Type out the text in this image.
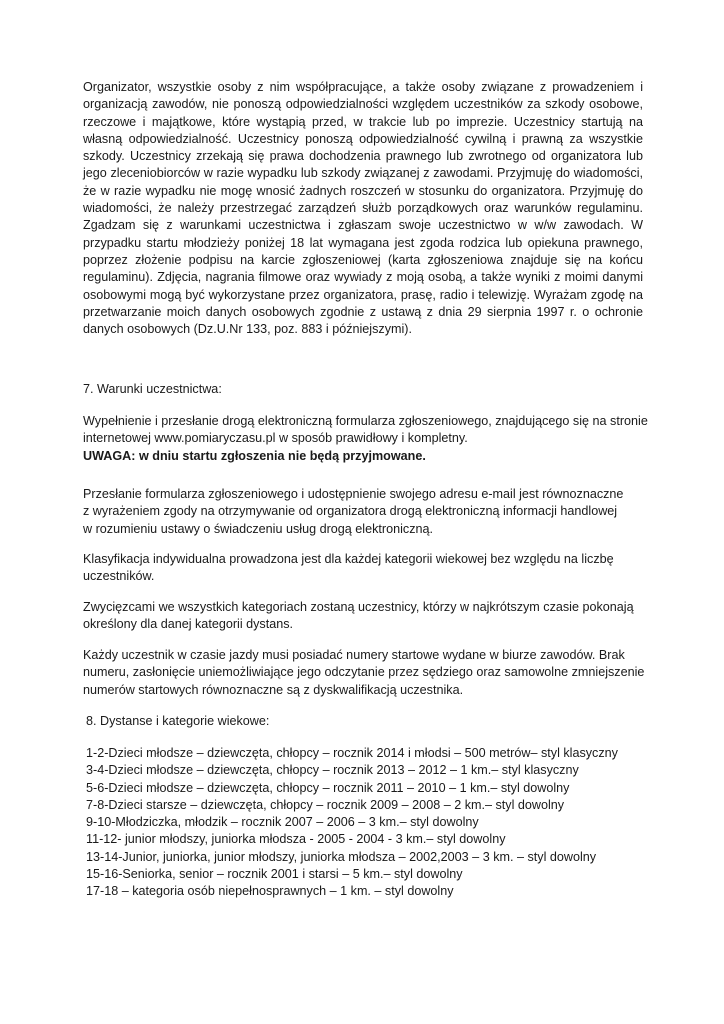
Organizator, wszystkie osoby z nim współpracujące, a także osoby związane z prowadzeniem i organizacją zawodów, nie ponoszą odpowiedzialności względem uczestników za szkody osobowe, rzeczowe i majątkowe, które wystąpią przed, w trakcie lub po imprezie. Uczestnicy startują na własną odpowiedzialność. Uczestnicy ponoszą odpowiedzialność cywilną i prawną za wszystkie szkody. Uczestnicy zrzekają się prawa dochodzenia prawnego lub zwrotnego od organizatora lub jego zleceniobiorców w razie wypadku lub szkody związanej z zawodami. Przyjmuję do wiadomości, że w razie wypadku nie mogę wnosić żadnych roszczeń w stosunku do organizatora. Przyjmuję do wiadomości, że należy przestrzegać zarządzeń służb porządkowych oraz warunków regulaminu. Zgadzam się z warunkami uczestnictwa i zgłaszam swoje uczestnictwo w w/w zawodach. W przypadku startu młodzieży poniżej 18 lat wymagana jest zgoda rodzica lub opiekuna prawnego, poprzez złożenie podpisu na karcie zgłoszeniowej (karta zgłoszeniowa znajduje się na końcu regulaminu). Zdjęcia, nagrania filmowe oraz wywiady z moją osobą, a także wyniki z moimi danymi osobowymi mogą być wykorzystane przez organizatora, prasę, radio i telewizję. Wyrażam zgodę na przetwarzanie moich danych osobowych zgodnie z ustawą z dnia 29 sierpnia 1997 r. o ochronie danych osobowych (Dz.U.Nr 133, poz. 883 i późniejszymi).

7. Warunki uczestnictwa:
Wypełnienie i przesłanie drogą elektroniczną formularza zgłoszeniowego, znajdującego się na stronie
internetowej www.pomiaryczasu.pl w sposób prawidłowy i kompletny.
UWAGA: w dniu startu zgłoszenia nie będą przyjmowane.
Przesłanie formularza zgłoszeniowego i udostępnienie swojego adresu e-mail jest równoznaczne
z wyrażeniem zgody na otrzymywanie od organizatora drogą elektroniczną informacji handlowej
w rozumieniu ustawy o świadczeniu usług drogą elektroniczną.
Klasyfikacja indywidualna prowadzona jest dla każdej kategorii wiekowej bez względu na liczbę
uczestników.
Zwycięzcami we wszystkich kategoriach zostaną uczestnicy, którzy w najkrótszym czasie pokonają
określony dla danej kategorii dystans.
Każdy uczestnik w czasie jazdy musi posiadać numery startowe wydane w biurze zawodów. Brak
numeru, zasłonięcie uniemożliwiające jego odczytanie przez sędziego oraz samowolne zmniejszenie
numerów startowych równoznaczne są z dyskwalifikacją uczestnika.
8. Dystanse i kategorie wiekowe:
1-2-Dzieci młodsze – dziewczęta, chłopcy – rocznik 2014 i młodsi – 500 metrów– styl klasyczny
3-4-Dzieci młodsze – dziewczęta, chłopcy – rocznik 2013 – 2012 – 1 km.– styl klasyczny
5-6-Dzieci młodsze – dziewczęta, chłopcy – rocznik 2011 – 2010 – 1 km.– styl dowolny
7-8-Dzieci starsze – dziewczęta, chłopcy – rocznik 2009 – 2008 – 2 km.– styl dowolny
9-10-Młodziczka, młodzik – rocznik 2007 – 2006 – 3 km.– styl dowolny
11-12- junior młodszy, juniorka młodsza - 2005 - 2004 - 3 km.– styl dowolny
13-14-Junior, juniorka, junior młodszy, juniorka młodsza – 2002,2003 – 3 km. – styl dowolny
15-16-Seniorka, senior – rocznik 2001 i starsi – 5 km.– styl dowolny
17-18 – kategoria osób niepełnosprawnych – 1 km. – styl dowolny
